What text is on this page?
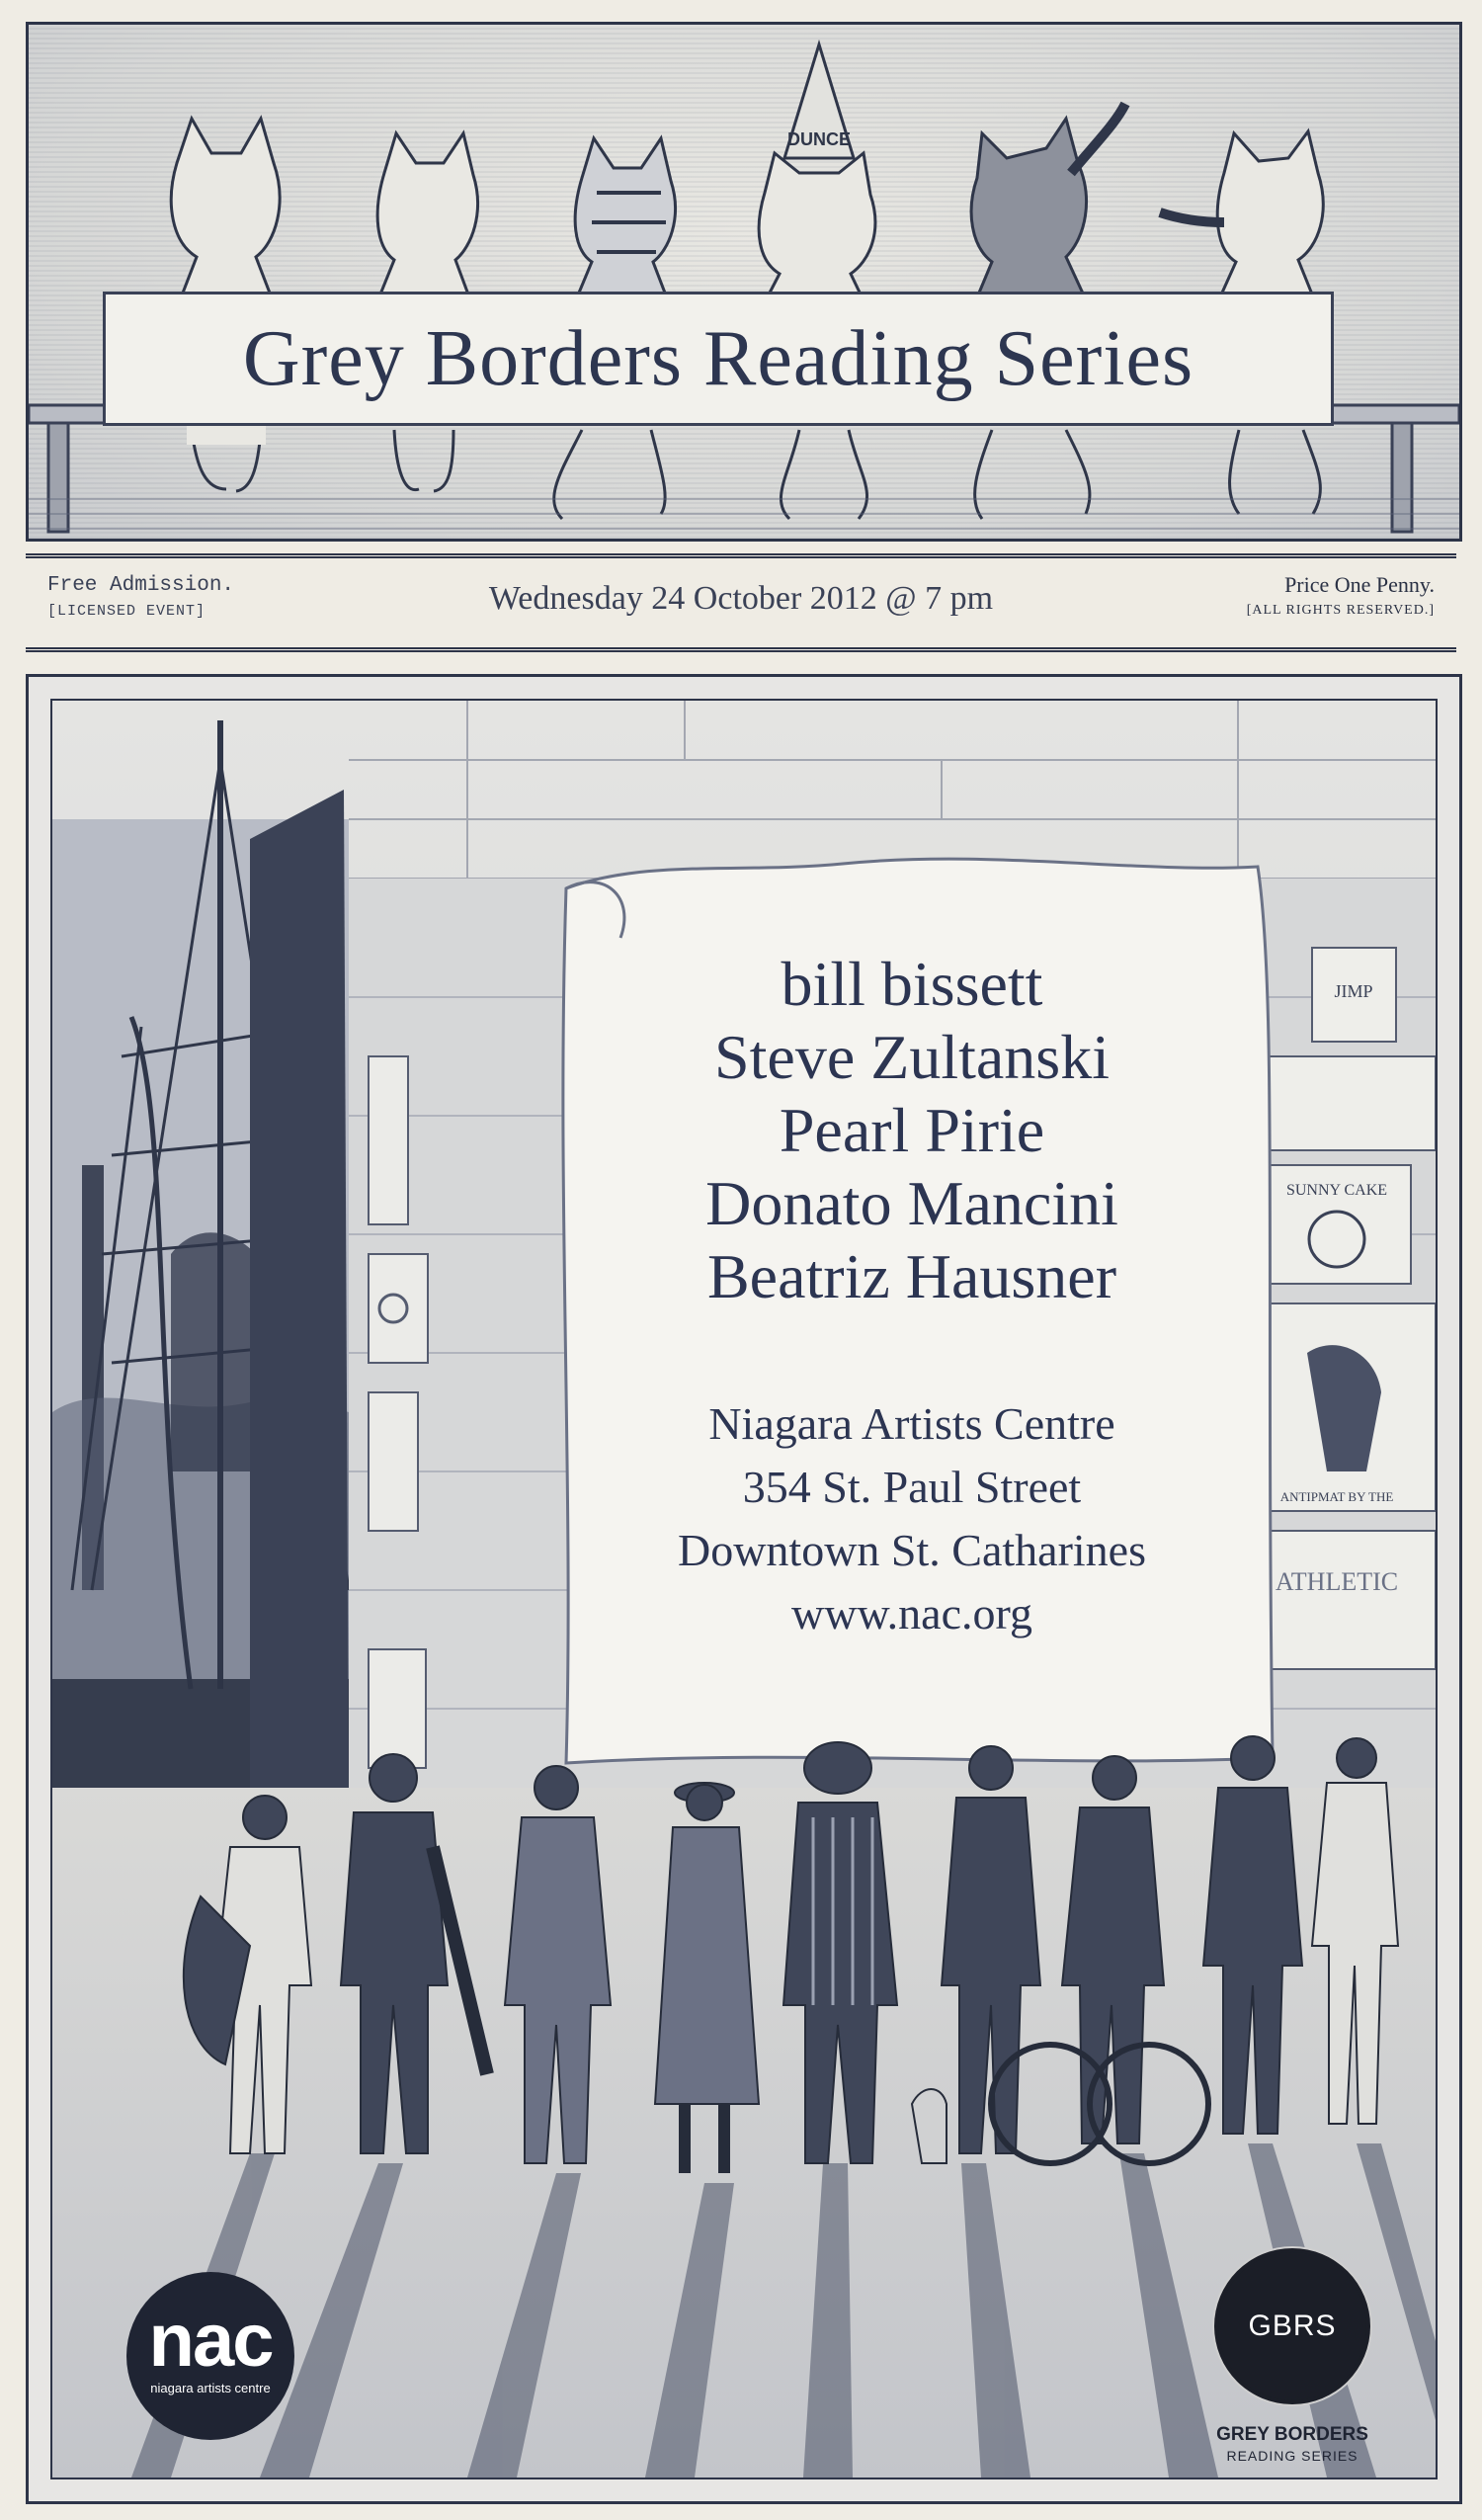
DUNCE
Grey Borders Reading Series
Free Admission.
[LICENSED EVENT]	Wednesday 24 October 2012 @ 7 pm	Price One Penny.
[ALL RIGHTS RESERVED.]
JIMP
SUNNY CAKE
ANTIPMAT BY THE
ATHLETIC
bill bissett
Steve Zultanski
Pearl Pirie
Donato Mancini
Beatriz Hausner
Niagara Artists Centre
354 St. Paul Street
Downtown St. Catharines
www.nac.org
nac
niagara artists centre
GBRS
GREY BORDERS
READING SERIES
